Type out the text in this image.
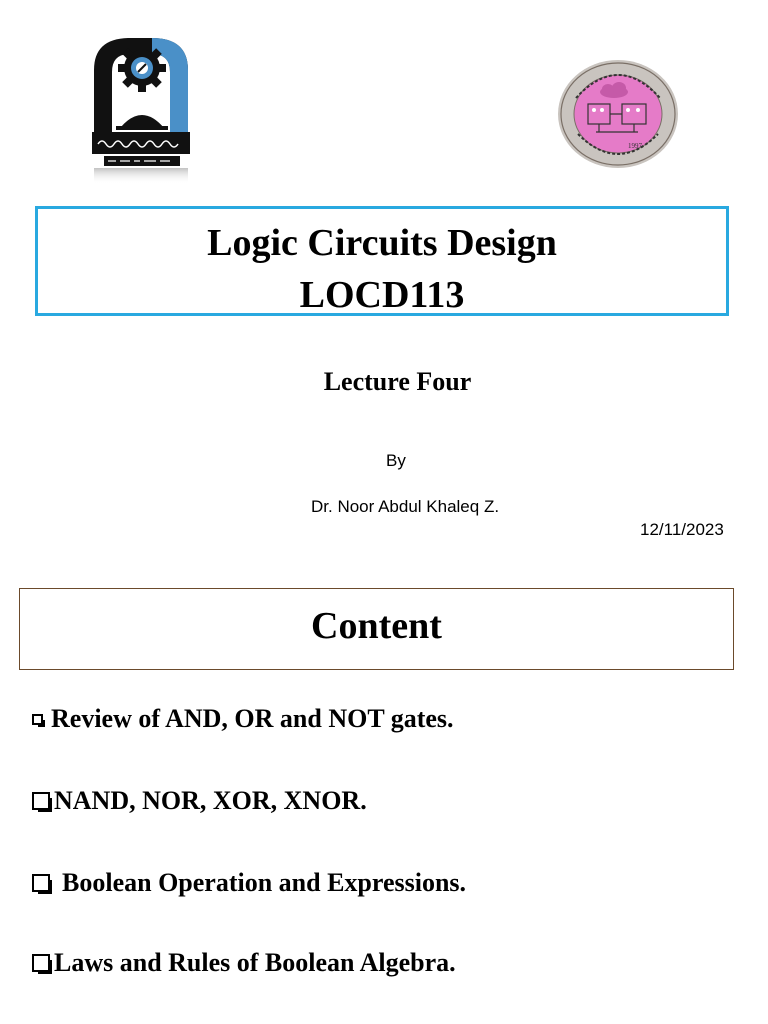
1997
Logic Circuits Design
LOCD113
Lecture Four
By
Dr. Noor Abdul Khaleq Z.
12/11/2023
Content
Review of AND, OR and NOT gates.
NAND, NOR, XOR, XNOR.
Boolean Operation and Expressions.
Laws and Rules of Boolean Algebra.
